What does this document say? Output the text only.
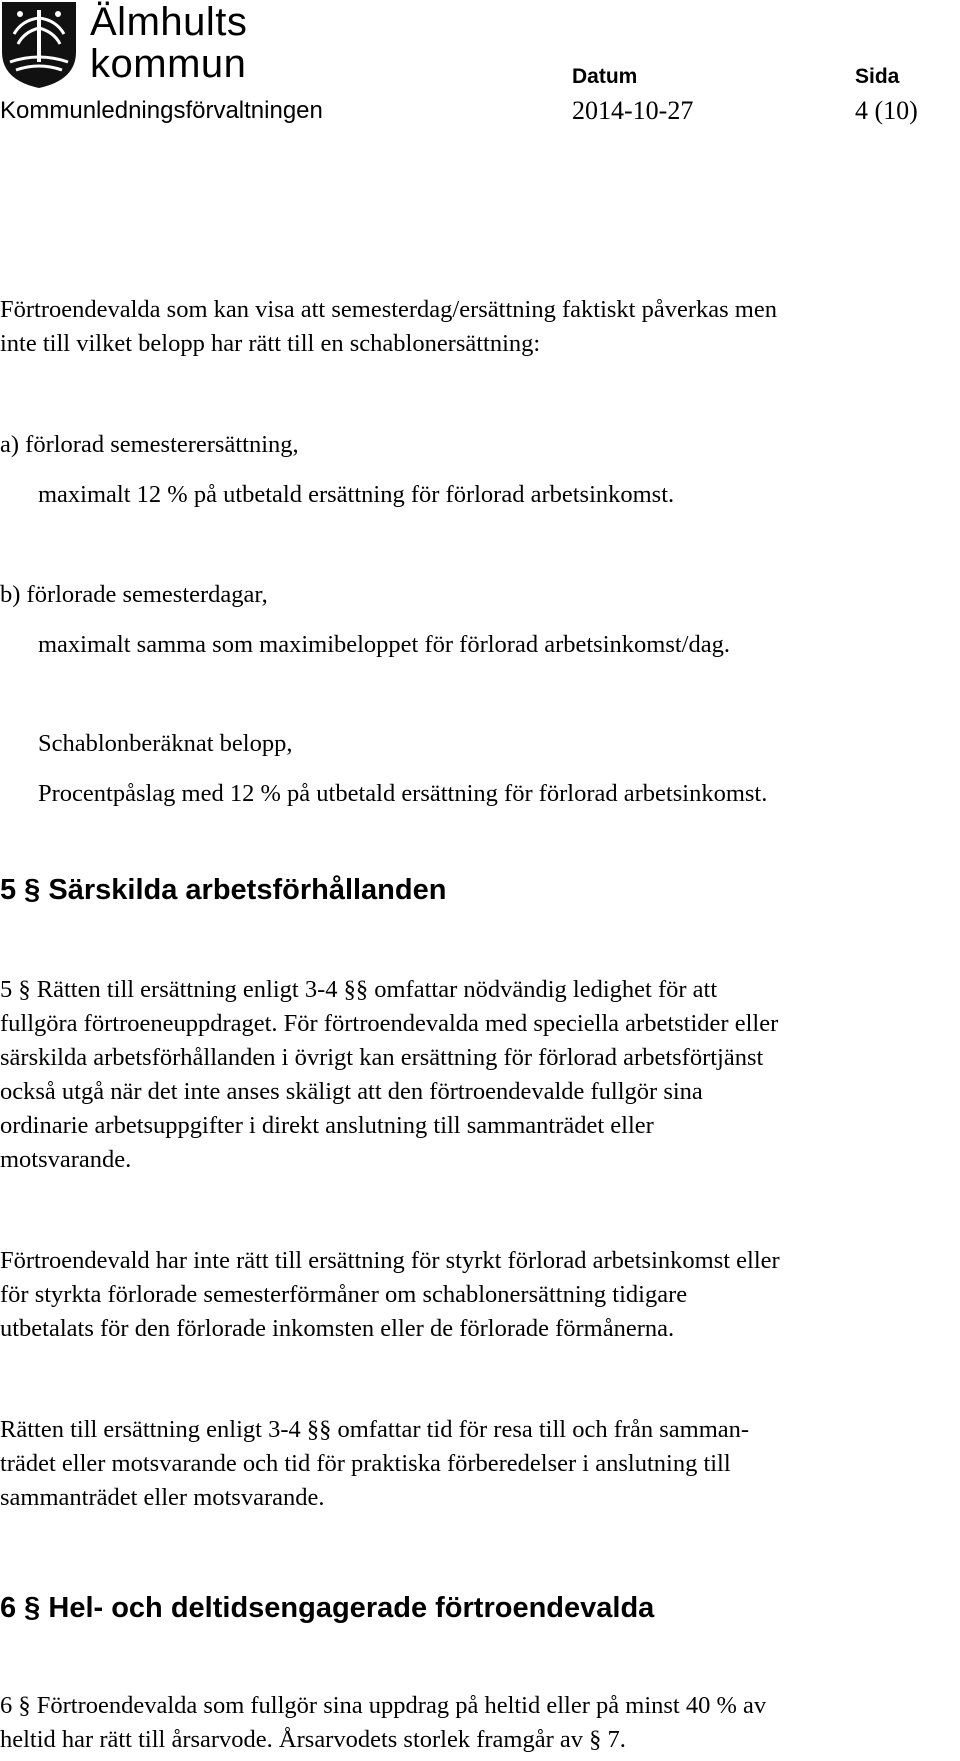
Älmhults
kommun	Datum	Sida
Kommunledningsförvaltningen	2014-10-27	4 (10)

Förtroendevalda som kan visa att semesterdag/ersättning faktiskt påverkas men

inte till vilket belopp har rätt till en schablonersättning:

a) förlorad semesterersättning,

maximalt 12 % på utbetald ersättning för förlorad arbetsinkomst.

b) förlorade semesterdagar,

maximalt samma som maximibeloppet för förlorad arbetsinkomst/dag.

Schablonberäknat belopp,

Procentpåslag med 12 % på utbetald ersättning för förlorad arbetsinkomst.

5 § Särskilda arbetsförhållanden

5 § Rätten till ersättning enligt 3-4 §§ omfattar nödvändig ledighet för att

fullgöra förtroeneuppdraget. För förtroendevalda med speciella arbetstider eller

särskilda arbetsförhållanden i övrigt kan ersättning för förlorad arbetsförtjänst

också utgå när det inte anses skäligt att den förtroendevalde fullgör sina

ordinarie arbetsuppgifter i direkt anslutning till sammanträdet eller

motsvarande.

Förtroendevald har inte rätt till ersättning för styrkt förlorad arbetsinkomst eller

för styrkta förlorade semesterförmåner om schablonersättning tidigare

utbetalats för den förlorade inkomsten eller de förlorade förmånerna.

Rätten till ersättning enligt 3-4 §§ omfattar tid för resa till och från samman-

trädet eller motsvarande och tid för praktiska förberedelser i anslutning till

sammanträdet eller motsvarande.

6 § Hel- och deltidsengagerade förtroendevalda

6 § Förtroendevalda som fullgör sina uppdrag på heltid eller på minst 40 % av

heltid har rätt till årsarvode. Årsarvodets storlek framgår av § 7.
